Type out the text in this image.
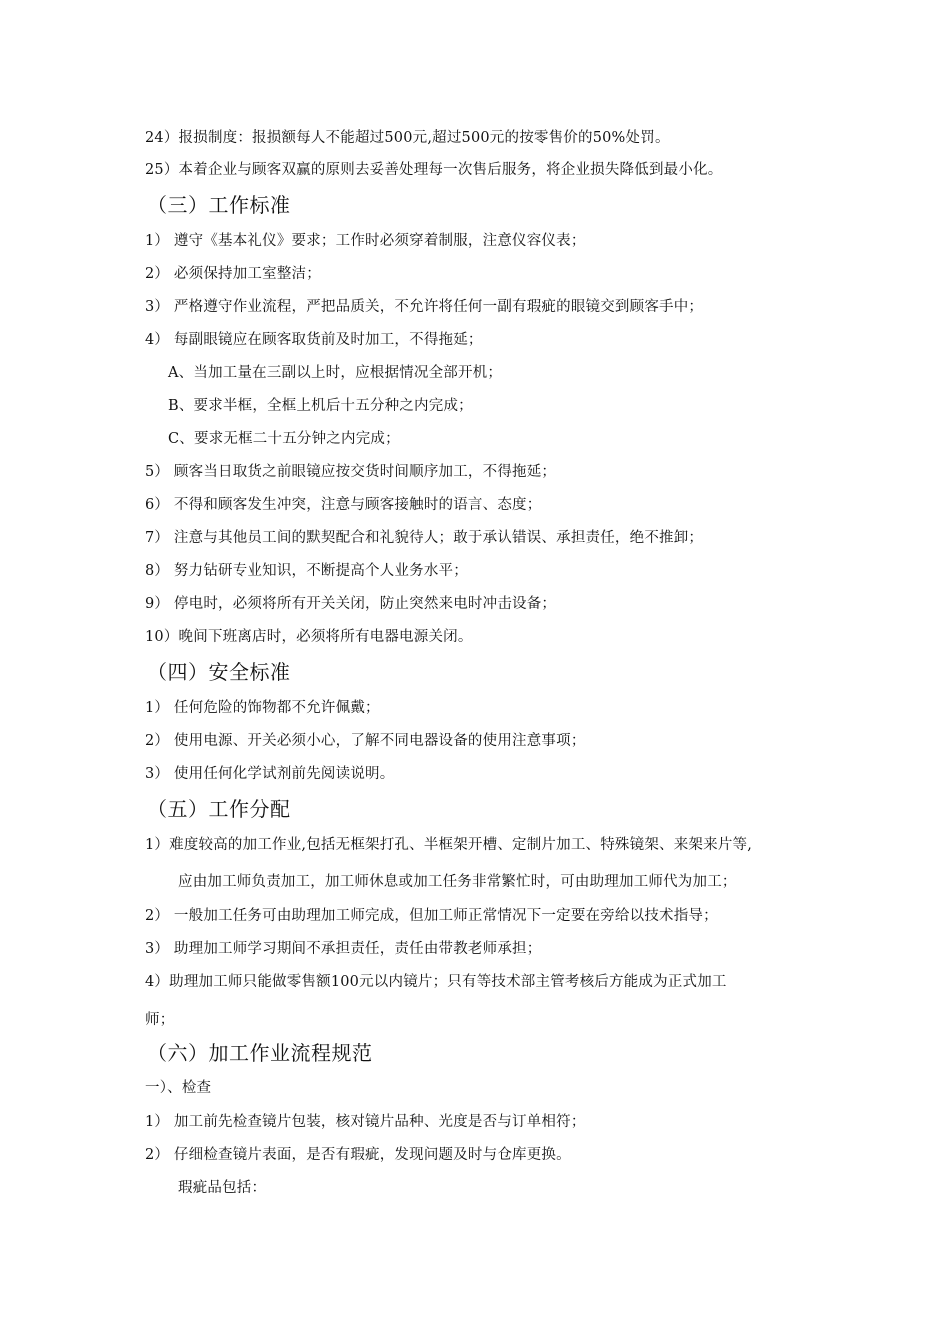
24）报损制度：报损额每人不能超过500元,超过500元的按零售价的50%处罚。
25）本着企业与顾客双赢的原则去妥善处理每一次售后服务，将企业损失降低到最小化。
（三）工作标准
1） 遵守《基本礼仪》要求；工作时必须穿着制服，注意仪容仪表；
2） 必须保持加工室整洁；
3） 严格遵守作业流程，严把品质关，不允许将任何一副有瑕疵的眼镜交到顾客手中；
4） 每副眼镜应在顾客取货前及时加工，不得拖延；
A、当加工量在三副以上时，应根据情况全部开机；
B、要求半框，全框上机后十五分种之内完成；
C、要求无框二十五分钟之内完成；
5） 顾客当日取货之前眼镜应按交货时间顺序加工，不得拖延；
6） 不得和顾客发生冲突，注意与顾客接触时的语言、态度；
7） 注意与其他员工间的默契配合和礼貌待人；敢于承认错误、承担责任，绝不推卸；
8） 努力钻研专业知识，不断提高个人业务水平；
9） 停电时，必须将所有开关关闭，防止突然来电时冲击设备；
10）晚间下班离店时，必须将所有电器电源关闭。
（四）安全标准
1） 任何危险的饰物都不允许佩戴；
2） 使用电源、开关必须小心，了解不同电器设备的使用注意事项；
3） 使用任何化学试剂前先阅读说明。
（五）工作分配
1）难度较高的加工作业,包括无框架打孔、半框架开槽、定制片加工、特殊镜架、来架来片等,
应由加工师负责加工，加工师休息或加工任务非常繁忙时，可由助理加工师代为加工；
2） 一般加工任务可由助理加工师完成，但加工师正常情况下一定要在旁给以技术指导；
3） 助理加工师学习期间不承担责任，责任由带教老师承担；
4）助理加工师只能做零售额100元以内镜片；只有等技术部主管考核后方能成为正式加工
师；
（六）加工作业流程规范
一）、检查
1） 加工前先检查镜片包装，核对镜片品种、光度是否与订单相符；
2） 仔细检查镜片表面，是否有瑕疵，发现问题及时与仓库更换。
瑕疵品包括：
